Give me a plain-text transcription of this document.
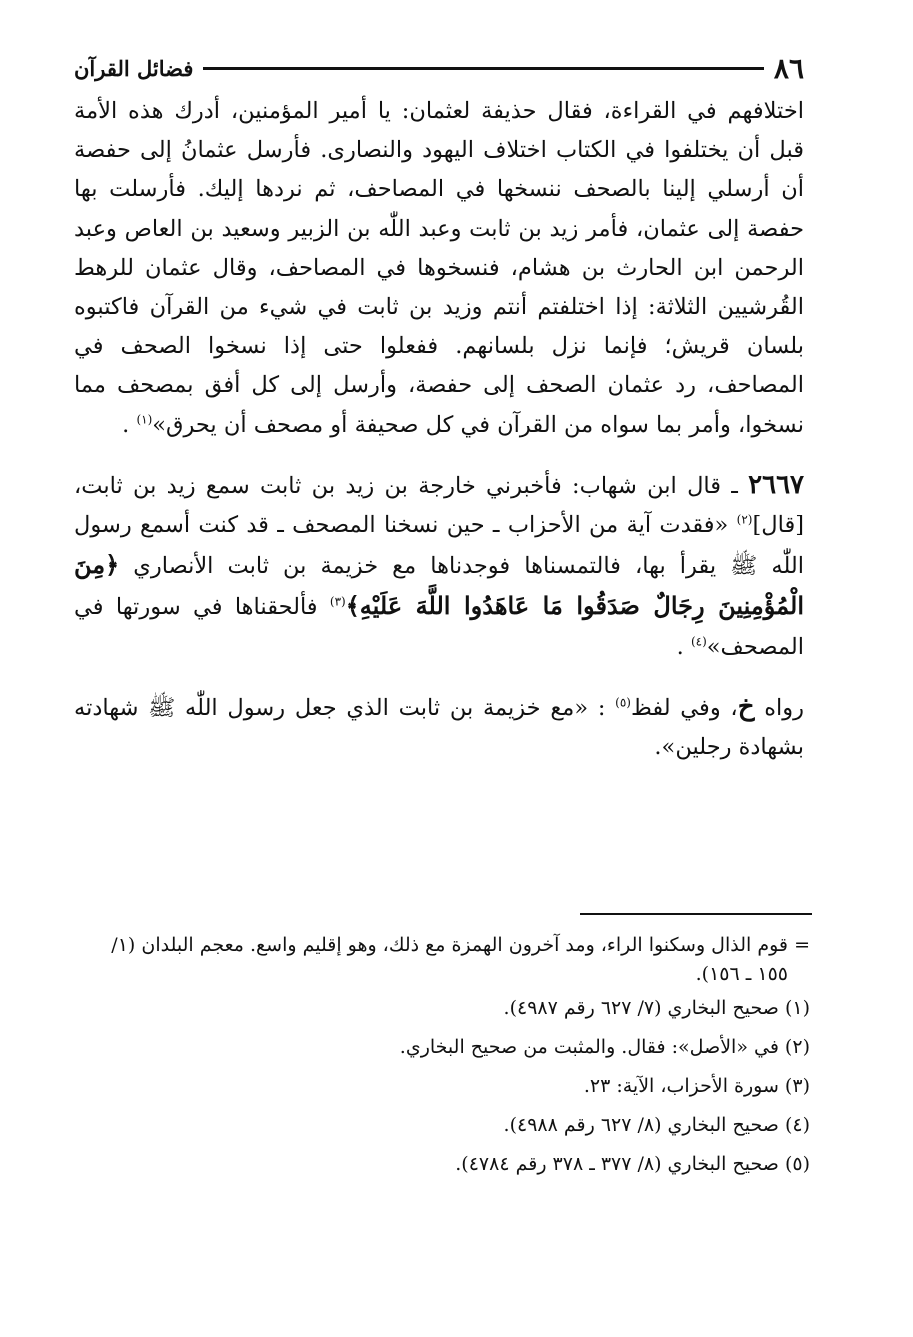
٨٦
فضائل القرآن

اختلافهم في القراءة، فقال حذيفة لعثمان: يا أمير المؤمنين، أدرك هذه الأمة قبل أن يختلفوا في الكتاب اختلاف اليهود والنصارى. فأرسل عثمانُ إلى حفصة أن أرسلي إلينا بالصحف ننسخها في المصاحف، ثم نردها إليك. فأرسلت بها حفصة إلى عثمان، فأمر زيد بن ثابت وعبد اللّٰه بن الزبير وسعيد بن العاص وعبد الرحمن ابن الحارث بن هشام، فنسخوها في المصاحف، وقال عثمان للرهط القُرشيين الثلاثة: إذا اختلفتم أنتم وزيد بن ثابت في شيء من القرآن فاكتبوه بلسان قريش؛ فإنما نزل بلسانهم. ففعلوا حتى إذا نسخوا الصحف في المصاحف، رد عثمان الصحف إلى حفصة، وأرسل إلى كل أفق بمصحف مما نسخوا، وأمر بما سواه من القرآن في كل صحيفة أو مصحف أن يحرق»$^{(١)}$ .

٢٦٦٧ ـ قال ابن شهاب: فأخبرني خارجة بن زيد بن ثابت سمع زيد بن ثابت، [قال]$^{(٢)}$ «فقدت آية من الأحزاب ـ حين نسخنا المصحف ـ قد كنت أسمع رسول اللّٰه ﷺ يقرأ بها، فالتمسناها فوجدناها مع خزيمة بن ثابت الأنصاري ﴿مِنَ الْمُؤْمِنِينَ رِجَالٌ صَدَقُوا مَا عَاهَدُوا اللَّهَ عَلَيْهِ﴾$^{(٣)}$ فألحقناها في سورتها في المصحف»$^{(٤)}$ .

رواه خ، وفي لفظ$^{(٥)}$ : «مع خزيمة بن ثابت الذي جعل رسول اللّٰه ﷺ شهادته بشهادة رجلين».

=
قوم الذال وسكنوا الراء، ومد آخرون الهمزة مع ذلك، وهو إقليم واسع. معجم البلدان (١/ ١٥٥ ـ ١٥٦).

(١) صحيح البخاري (٧/ ٦٢٧ رقم ٤٩٨٧).

(٢) في «الأصل»: فقال. والمثبت من صحيح البخاري.

(٣) سورة الأحزاب، الآية: ٢٣.

(٤) صحيح البخاري (٨/ ٦٢٧ رقم ٤٩٨٨).

(٥) صحيح البخاري (٨/ ٣٧٧ ـ ٣٧٨ رقم ٤٧٨٤).
